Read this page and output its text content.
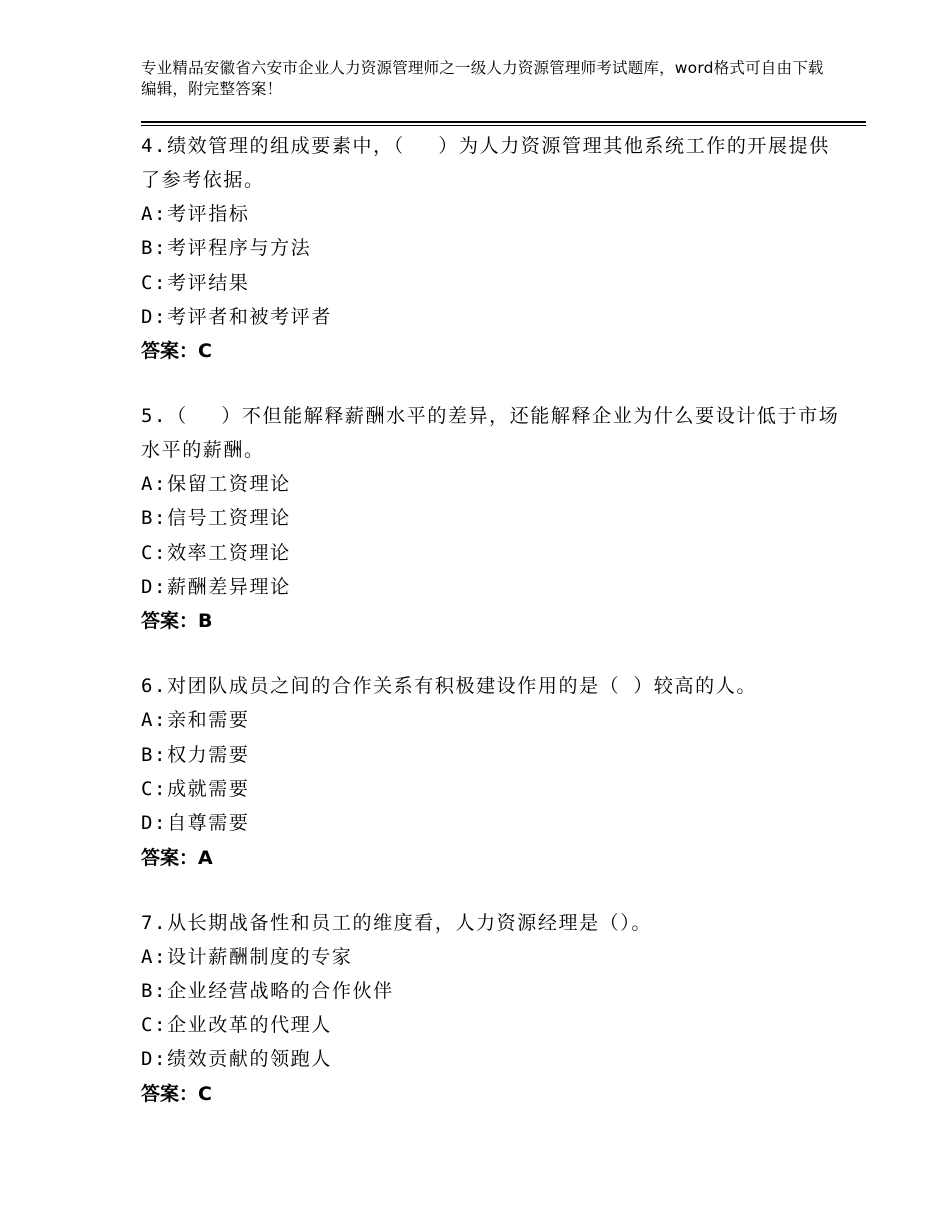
专业精品安徽省六安市企业人力资源管理师之一级人力资源管理师考试题库，word格式可自由下载编辑，附完整答案！
4.绩效管理的组成要素中，（　 ）为人力资源管理其他系统工作的开展提供了参考依据。
A:考评指标
B:考评程序与方法
C:考评结果
D:考评者和被考评者
答案：C
5.（　 ）不但能解释薪酬水平的差异，还能解释企业为什么要设计低于市场水平的薪酬。
A:保留工资理论
B:信号工资理论
C:效率工资理论
D:薪酬差异理论
答案：B
6.对团队成员之间的合作关系有积极建设作用的是（ ）较高的人。
A:亲和需要
B:权力需要
C:成就需要
D:自尊需要
答案：A
7.从长期战备性和员工的维度看，人力资源经理是（）。
A:设计薪酬制度的专家
B:企业经营战略的合作伙伴
C:企业改革的代理人
D:绩效贡献的领跑人
答案：C
